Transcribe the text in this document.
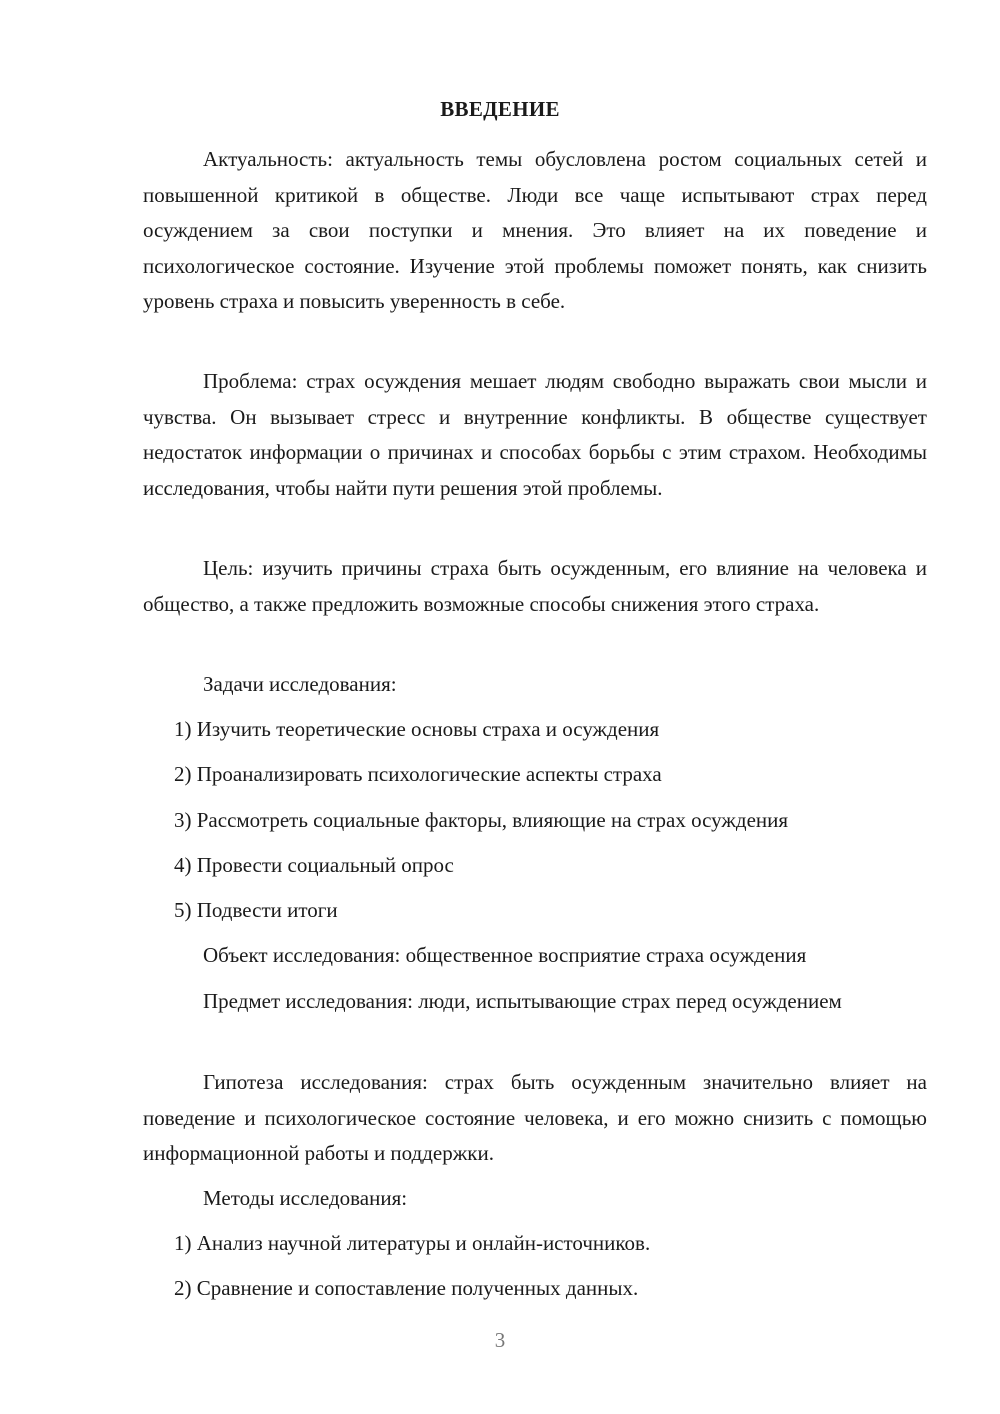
ВВЕДЕНИЕ

Актуальность: актуальность темы обусловлена ростом социальных сетей и повышенной критикой в обществе. Люди все чаще испытывают страх перед осуждением за свои поступки и мнения. Это влияет на их поведение и психологическое состояние. Изучение этой проблемы поможет понять, как снизить уровень страха и повысить уверенность в себе.

Проблема: страх осуждения мешает людям свободно выражать свои мысли и чувства. Он вызывает стресс и внутренние конфликты. В обществе существует недостаток информации о причинах и способах борьбы с этим страхом. Необходимы исследования, чтобы найти пути решения этой проблемы.

Цель: изучить причины страха быть осужденным, его влияние на человека и общество, а также предложить возможные способы снижения этого страха.

Задачи исследования:

1) Изучить теоретические основы страха и осуждения

2) Проанализировать психологические аспекты страха

3) Рассмотреть социальные факторы, влияющие на страх осуждения

4) Провести социальный опрос

5) Подвести итоги

Объект исследования: общественное восприятие страха осуждения

Предмет исследования: люди, испытывающие страх перед осуждением

Гипотеза исследования: страх быть осужденным значительно влияет на поведение и психологическое состояние человека, и его можно снизить с помощью информационной работы и поддержки.

Методы исследования:

1) Анализ научной литературы и онлайн-источников.

2) Сравнение и сопоставление полученных данных.

3
